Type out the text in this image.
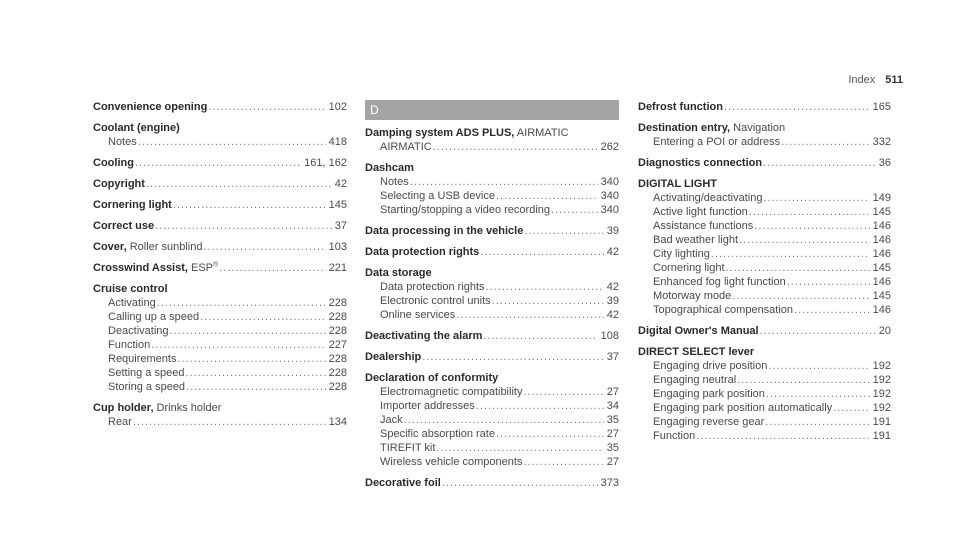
Index 511
Convenience opening .....	102
Coolant (engine)
Notes .....	418
Cooling .....	161, 162
Copyright .....	42
Cornering light .....	145
Correct use .....	37
Cover, Roller sunblind .....	103
Crosswind Assist, ESP® .....	221
Cruise control
Activating .....	228
Calling up a speed .....	228
Deactivating .....	228
Function .....	227
Requirements .....	228
Setting a speed .....	228
Storing a speed .....	228
Cup holder, Drinks holder
Rear .....	134
D
Damping system ADS PLUS, AIRMATIC
AIRMATIC .....	262
Dashcam
Notes .....	340
Selecting a USB device .....	340
Starting/stopping a video recording .....	340
Data processing in the vehicle .....	39
Data protection rights .....	42
Data storage
Data protection rights .....	42
Electronic control units .....	39
Online services .....	42
Deactivating the alarm .....	108
Dealership .....	37
Declaration of conformity
Electromagnetic compatibility .....	27
Importer addresses .....	34
Jack .....	35
Specific absorption rate .....	27
TIREFIT kit .....	35
Wireless vehicle components .....	27
Decorative foil .....	373
Defrost function .....	165
Destination entry, Navigation
Entering a POI or address .....	332
Diagnostics connection .....	36
DIGITAL LIGHT
Activating/deactivating .....	149
Active light function .....	145
Assistance functions .....	146
Bad weather light .....	146
City lighting .....	146
Cornering light .....	145
Enhanced fog light function .....	146
Motorway mode .....	145
Topographical compensation .....	146
Digital Owner's Manual .....	20
DIRECT SELECT lever
Engaging drive position .....	192
Engaging neutral .....	192
Engaging park position .....	192
Engaging park position automatically .....	192
Engaging reverse gear .....	191
Function .....	191
